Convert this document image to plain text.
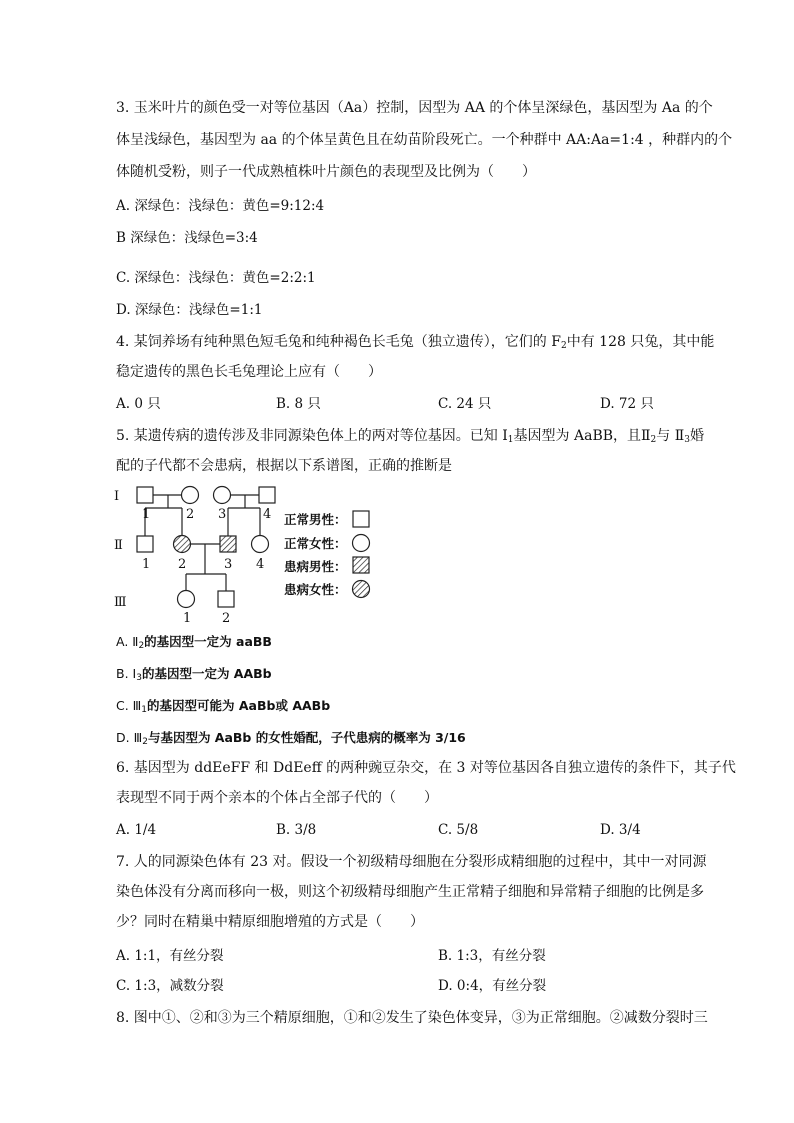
3. 玉米叶片的颜色受一对等位基因（Aa）控制，因型为 AA 的个体呈深绿色，基因型为 Aa 的个
体呈浅绿色，基因型为 aa 的个体呈黄色且在幼苗阶段死亡。一个种群中 AA:Aa=1:4 ，种群内的个
体随机受粉，则子一代成熟植株叶片颜色的表现型及比例为（　　）
A. 深绿色：浅绿色：黄色=9:12:4
B 深绿色：浅绿色=3:4
C. 深绿色：浅绿色：黄色=2:2:1
D. 深绿色：浅绿色=1:1
4. 某饲养场有纯种黑色短毛兔和纯种褐色长毛兔（独立遗传），它们的 $F_2$中有 128 只兔，其中能
稳定遗传的黑色长毛兔理论上应有（　　）
A. 0 只	B. 8 只	C. 24 只	D. 72 只
5. 某遗传病的遗传涉及非同源染色体上的两对等位基因。已知 $I_1$基因型为 AaBB，且$Ⅱ_2$与 $Ⅱ_3$婚
配的子代都不会患病，根据以下系谱图，正确的推断是
Ⅰ
Ⅱ
Ⅲ
1	2 3	4
1 2	3 4
1 2
正常男性：
正常女性：
患病男性：
患病女性：
A. $Ⅱ_2$的基因型一定为 aaBB
B. $I_3$的基因型一定为 AABb
C. $Ⅲ_1$的基因型可能为 AaBb或 AABb
D. $Ⅲ_2$与基因型为 AaBb 的女性婚配，子代患病的概率为 3/16
6. 基因型为 ddEeFF 和 DdEeff 的两种豌豆杂交，在 3 对等位基因各自独立遗传的条件下，其子代
表现型不同于两个亲本的个体占全部子代的（　　）
A. 1/4	B. 3/8	C. 5/8	D. 3/4
7. 人的同源染色体有 23 对。假设一个初级精母细胞在分裂形成精细胞的过程中，其中一对同源
染色体没有分离而移向一极，则这个初级精母细胞产生正常精子细胞和异常精子细胞的比例是多
少？同时在精巢中精原细胞增殖的方式是（　　）
A. 1:1，有丝分裂	B. 1:3，有丝分裂
C. 1:3，减数分裂	D. 0:4，有丝分裂
8. 图中①、②和③为三个精原细胞，①和②发生了染色体变异，③为正常细胞。②减数分裂时三
